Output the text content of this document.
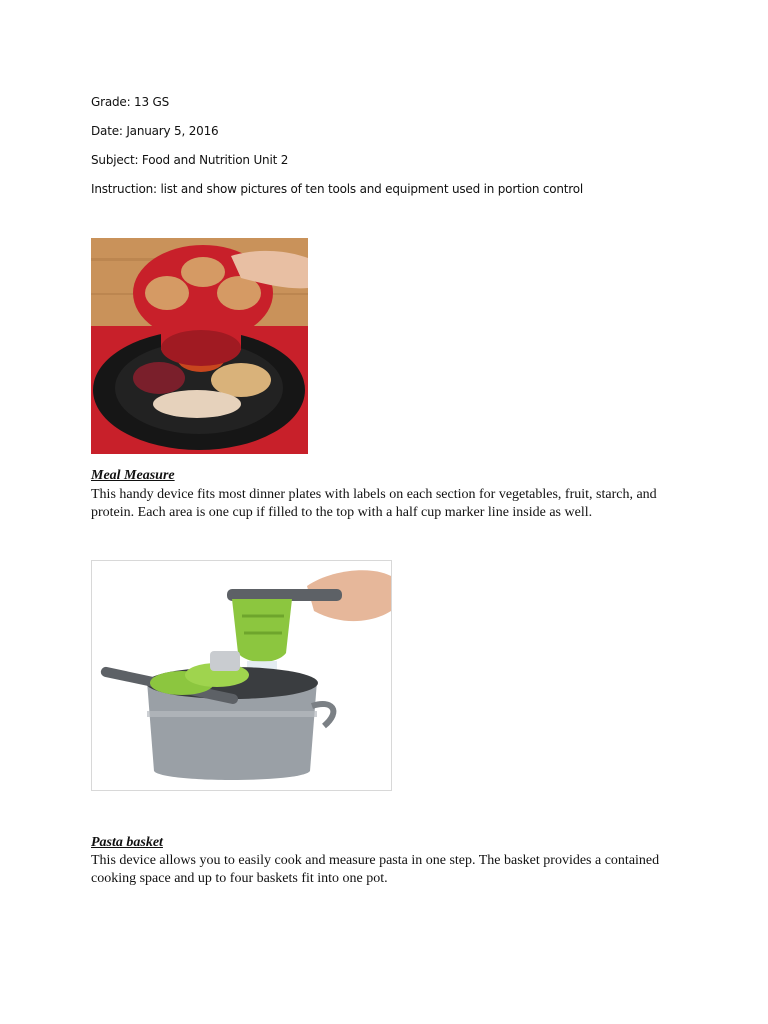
Grade: 13 GS
Date: January 5, 2016
Subject: Food and Nutrition Unit 2
Instruction: list and show pictures of ten tools and equipment used in portion control
Meal Measure
This handy device fits most dinner plates with labels on each section for vegetables, fruit, starch, and protein. Each area is one cup if filled to the top with a half cup marker line inside as well.
Pasta basket
This device allows you to easily cook and measure pasta in one step. The basket provides a contained cooking space and up to four baskets fit into one pot.
